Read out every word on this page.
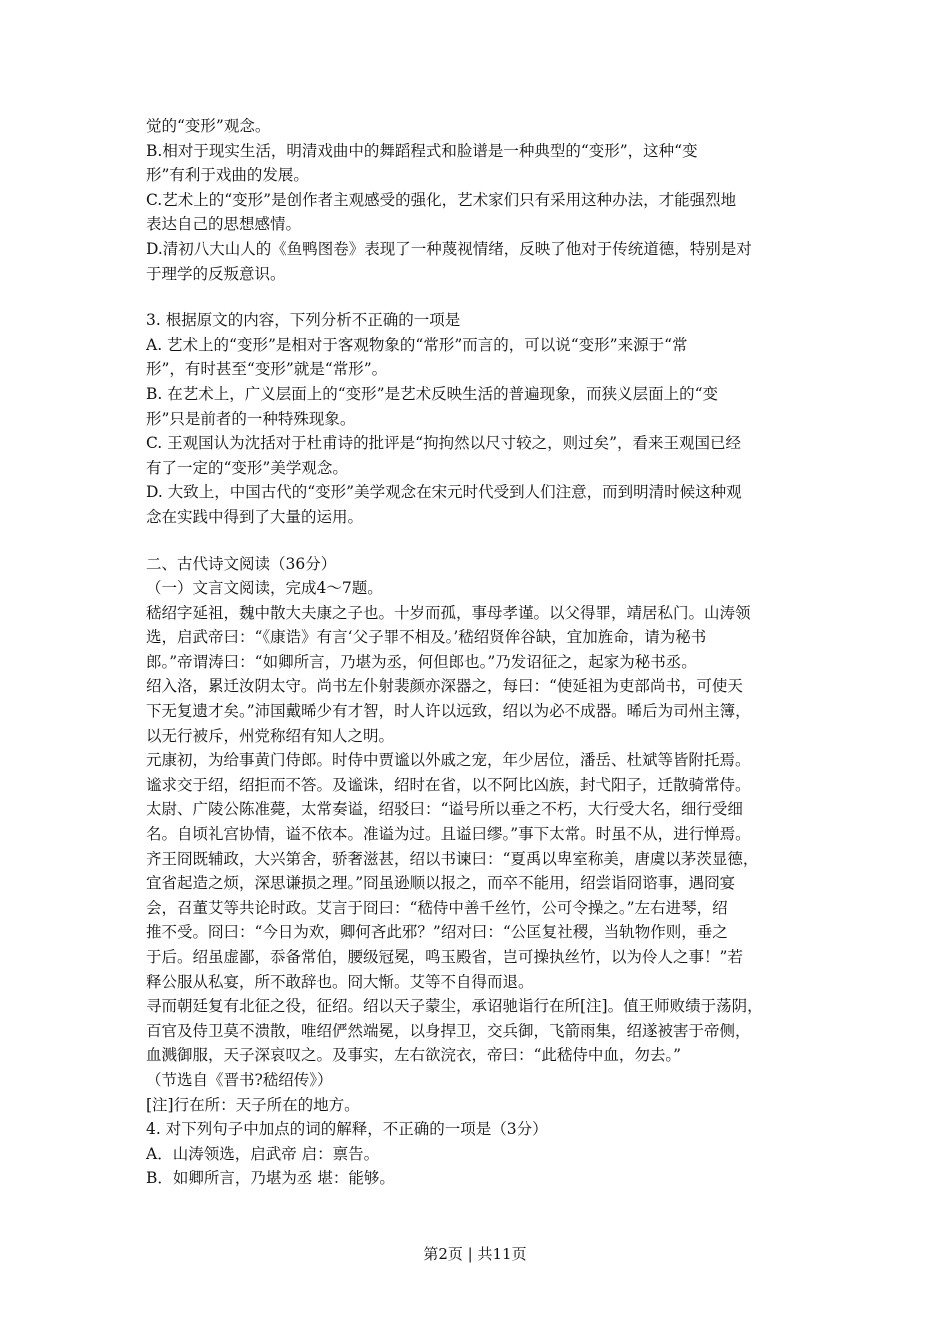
觉的“变形”观念。
B.相对于现实生活，明清戏曲中的舞蹈程式和脸谱是一种典型的“变形”，这种“变
形”有利于戏曲的发展。
C.艺术上的“变形”是创作者主观感受的强化，艺术家们只有采用这种办法，才能强烈地
表达自己的思想感情。
D.清初八大山人的《鱼鸭图卷》表现了一种蔑视情绪，反映了他对于传统道德，特别是对
于理学的反叛意识。
3. 根据原文的内容，下列分析不正确的一项是
A. 艺术上的“变形”是相对于客观物象的“常形”而言的，可以说“变形”来源于“常
形”，有时甚至“变形”就是“常形”。
B. 在艺术上，广义层面上的“变形”是艺术反映生活的普遍现象，而狭义层面上的“变
形”只是前者的一种特殊现象。
C. 王观国认为沈括对于杜甫诗的批评是“拘拘然以尺寸较之，则过矣”，看来王观国已经
有了一定的“变形”美学观念。
D. 大致上，中国古代的“变形”美学观念在宋元时代受到人们注意，而到明清时候这种观
念在实践中得到了大量的运用。
二、古代诗文阅读（36分）
（一）文言文阅读，完成4～7题。
嵇绍字延祖，魏中散大夫康之子也。十岁而孤，事母孝谨。以父得罪，靖居私门。山涛领
选，启武帝曰：“《康诰》有言‘父子罪不相及。’嵇绍贤侔谷缺，宜加旌命，请为秘书
郎。”帝谓涛曰：“如卿所言，乃堪为丞，何但郎也。”乃发诏征之，起家为秘书丞。
绍入洛，累迁汝阴太守。尚书左仆射裴颜亦深器之，每曰：“使延祖为吏部尚书，可使天
下无复遗才矣。”沛国戴晞少有才智，时人许以远致，绍以为必不成器。晞后为司州主簿，
以无行被斥，州党称绍有知人之明。
元康初，为给事黄门侍郎。时侍中贾谧以外戚之宠，年少居位，潘岳、杜斌等皆附托焉。
谧求交于绍，绍拒而不答。及谧诛，绍时在省，以不阿比凶族，封弋阳子，迁散骑常侍。
太尉、广陵公陈准薨，太常奏谥，绍驳曰：“谥号所以垂之不朽，大行受大名，细行受细
名。自顷礼宫协情，谥不依本。准谥为过。且谥曰缪。”事下太常。时虽不从，进行惮焉。
齐王冏既辅政，大兴第舍，骄奢滋甚，绍以书谏曰：“夏禹以卑室称美，唐虞以茅茨显德，
宜省起造之烦，深思谦损之理。”冏虽逊顺以报之，而卒不能用，绍尝诣冏谘事，遇冏宴
会，召董艾等共论时政。艾言于冏曰：“嵇侍中善千丝竹，公可令操之。”左右进琴，绍
推不受。冏曰：“今日为欢，卿何吝此邪？”绍对曰：“公匡复社稷，当轨物作则，垂之
于后。绍虽虚鄙，忝备常伯，腰级冠冕，鸣玉殿省，岂可操执丝竹，以为伶人之事！”若
释公服从私宴，所不敢辞也。冏大惭。艾等不自得而退。
寻而朝廷复有北征之役，征绍。绍以天子蒙尘，承诏驰诣行在所[注]。值王师败绩于荡阴，
百官及侍卫莫不溃散，唯绍俨然端冕，以身捍卫，交兵御，飞箭雨集，绍遂被害于帝侧，
血溅御服，天子深哀叹之。及事实，左右欲浣衣，帝曰：“此嵇侍中血，勿去。”
（节选自《晋书?嵇绍传》）
[注]行在所：天子所在的地方。
4. 对下列句子中加点的词的解释，不正确的一项是（3分）
A．山涛领选，启武帝 启：禀告。
B．如卿所言，乃堪为丞 堪：能够。
第2页 | 共11页
